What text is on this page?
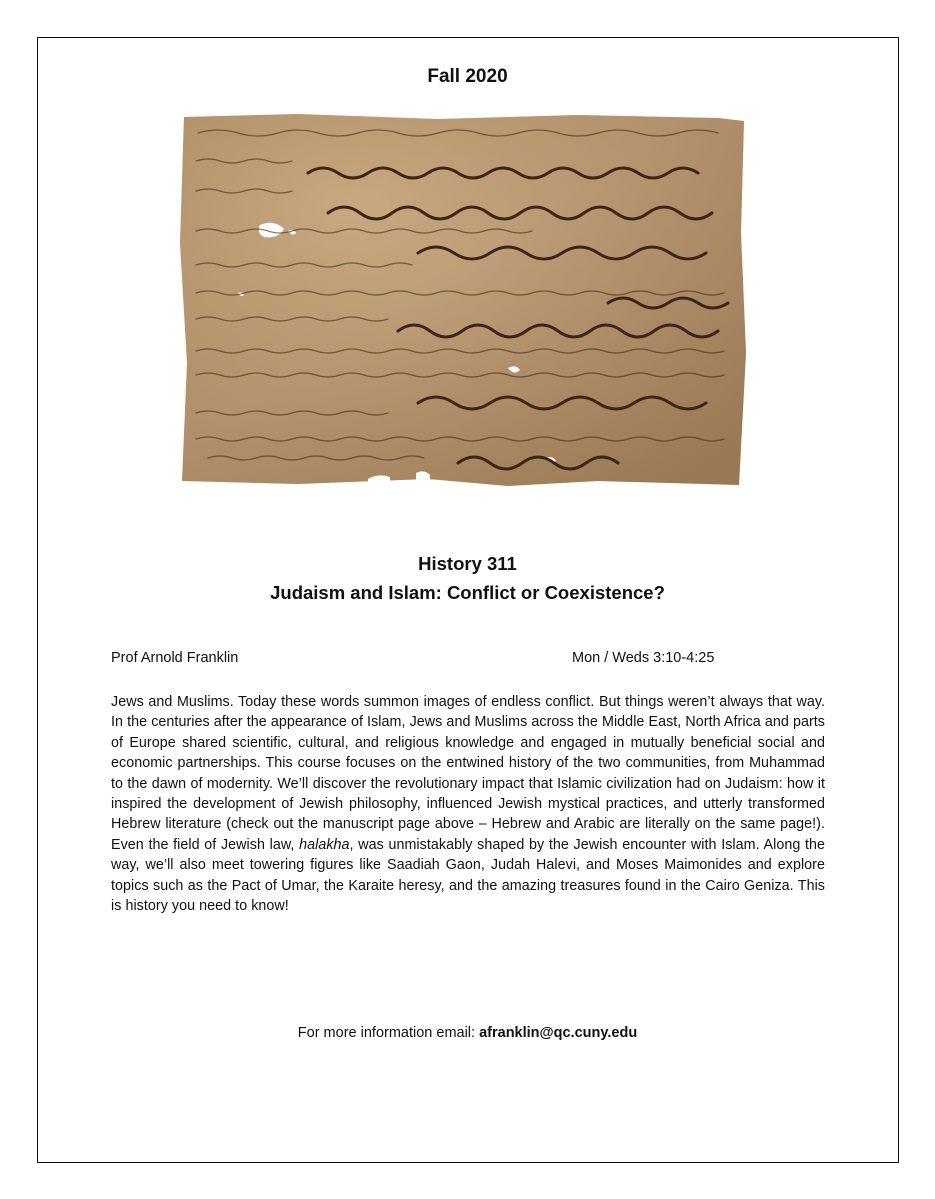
Fall 2020
History 311
Judaism and Islam: Conflict or Coexistence?
Prof Arnold Franklin	Mon / Weds 3:10-4:25
Jews and Muslims. Today these words summon images of endless conflict. But things weren’t always that way. In the centuries after the appearance of Islam, Jews and Muslims across the Middle East, North Africa and parts of Europe shared scientific, cultural, and religious knowledge and engaged in mutually beneficial social and economic partnerships. This course focuses on the entwined history of the two communities, from Muhammad to the dawn of modernity. We’ll discover the revolutionary impact that Islamic civilization had on Judaism: how it inspired the development of Jewish philosophy, influenced Jewish mystical practices, and utterly transformed Hebrew literature (check out the manuscript page above – Hebrew and Arabic are literally on the same page!). Even the field of Jewish law, halakha, was unmistakably shaped by the Jewish encounter with Islam. Along the way, we’ll also meet towering figures like Saadiah Gaon, Judah Halevi, and Moses Maimonides and explore topics such as the Pact of Umar, the Karaite heresy, and the amazing treasures found in the Cairo Geniza. This is history you need to know!
For more information email: afranklin@qc.cuny.edu
